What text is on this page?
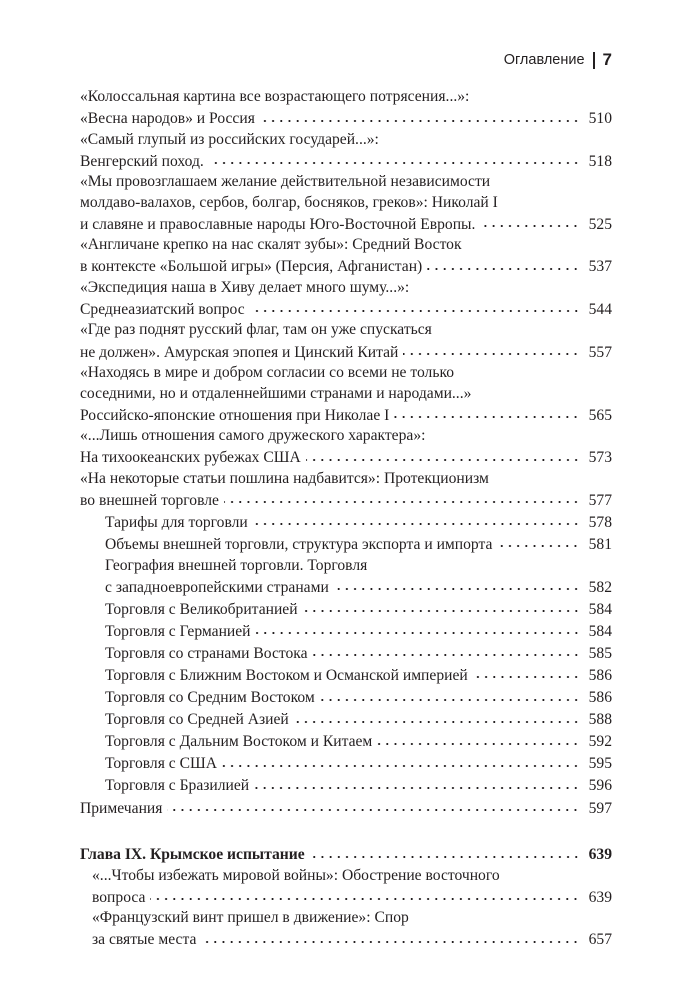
Оглавление 7
«Колоссальная картина все возрастающего потрясения...»:
«Весна народов» и Россия	510
«Самый глупый из российских государей...»:
Венгерский поход.	518
«Мы провозглашаем желание действительной независимости
молдаво-валахов, сербов, болгар, босняков, греков»: Николай I
и славяне и православные народы Юго-Восточной Европы.	525
«Англичане крепко на нас скалят зубы»: Средний Восток
в контексте «Большой игры» (Персия, Афганистан)	537
«Экспедиция наша в Хиву делает много шуму...»:
Среднеазиатский вопрос	544
«Где раз поднят русский флаг, там он уже спускаться
не должен». Амурская эпопея и Цинский Китай	557
«Находясь в мире и добром согласии со всеми не только
соседними, но и отдаленнейшими странами и народами...»
Российско-японские отношения при Николае I	565
«...Лишь отношения самого дружеского характера»:
На тихоокеанских рубежах США	573
«На некоторые статьи пошлина надбавится»: Протекционизм
во внешней торговле	577
Тарифы для торговли	578
Объемы внешней торговли, структура экспорта и импорта	581
География внешней торговли. Торговля
с западноевропейскими странами	582
Торговля с Великобританией	584
Торговля с Германией	584
Торговля со странами Востока	585
Торговля с Ближним Востоком и Османской империей	586
Торговля со Средним Востоком	586
Торговля со Средней Азией	588
Торговля с Дальним Востоком и Китаем	592
Торговля с США	595
Торговля с Бразилией	596
Примечания	597
Глава IX. Крымское испытание	639
«...Чтобы избежать мировой войны»: Обострение восточного
вопроса	639
«Французский винт пришел в движение»: Спор
за святые места	657
